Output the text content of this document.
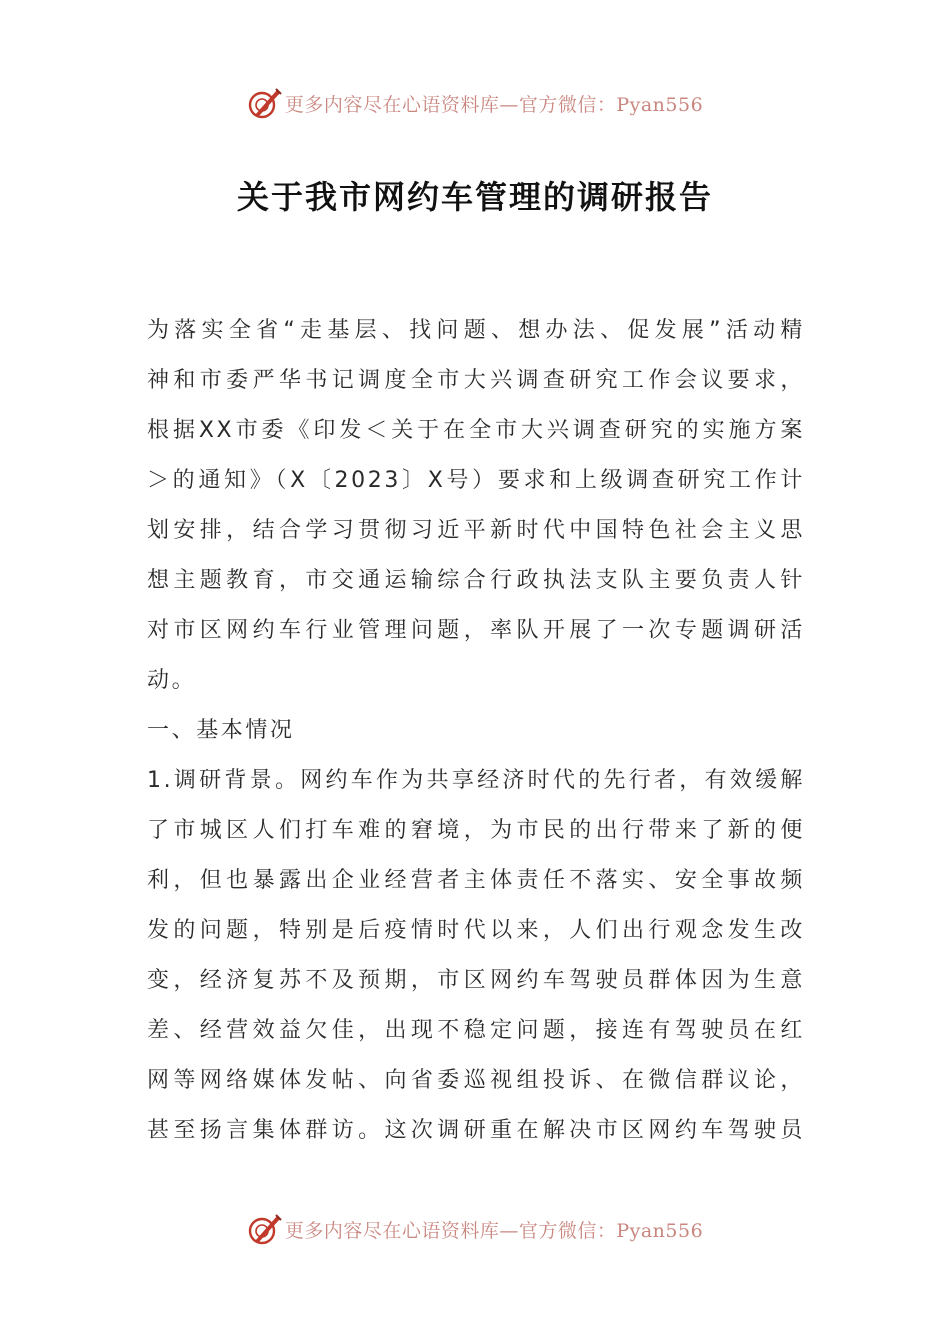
更多内容尽在心语资料库—官方微信：Pyan556
关于我市网约车管理的调研报告
为落实全省“走基层、找问题、想办法、促发展”活动精
神和市委严华书记调度全市大兴调查研究工作会议要求，
根据XX市委《印发＜关于在全市大兴调查研究的实施方案
＞的通知》（X〔2023〕X号）要求和上级调查研究工作计
划安排，结合学习贯彻习近平新时代中国特色社会主义思
想主题教育，市交通运输综合行政执法支队主要负责人针
对市区网约车行业管理问题，率队开展了一次专题调研活
动。
一、基本情况
1.调研背景。网约车作为共享经济时代的先行者，有效缓解
了市城区人们打车难的窘境，为市民的出行带来了新的便
利，但也暴露出企业经营者主体责任不落实、安全事故频
发的问题，特别是后疫情时代以来，人们出行观念发生改
变，经济复苏不及预期，市区网约车驾驶员群体因为生意
差、经营效益欠佳，出现不稳定问题，接连有驾驶员在红
网等网络媒体发帖、向省委巡视组投诉、在微信群议论，
甚至扬言集体群访。这次调研重在解决市区网约车驾驶员
更多内容尽在心语资料库—官方微信：Pyan556
